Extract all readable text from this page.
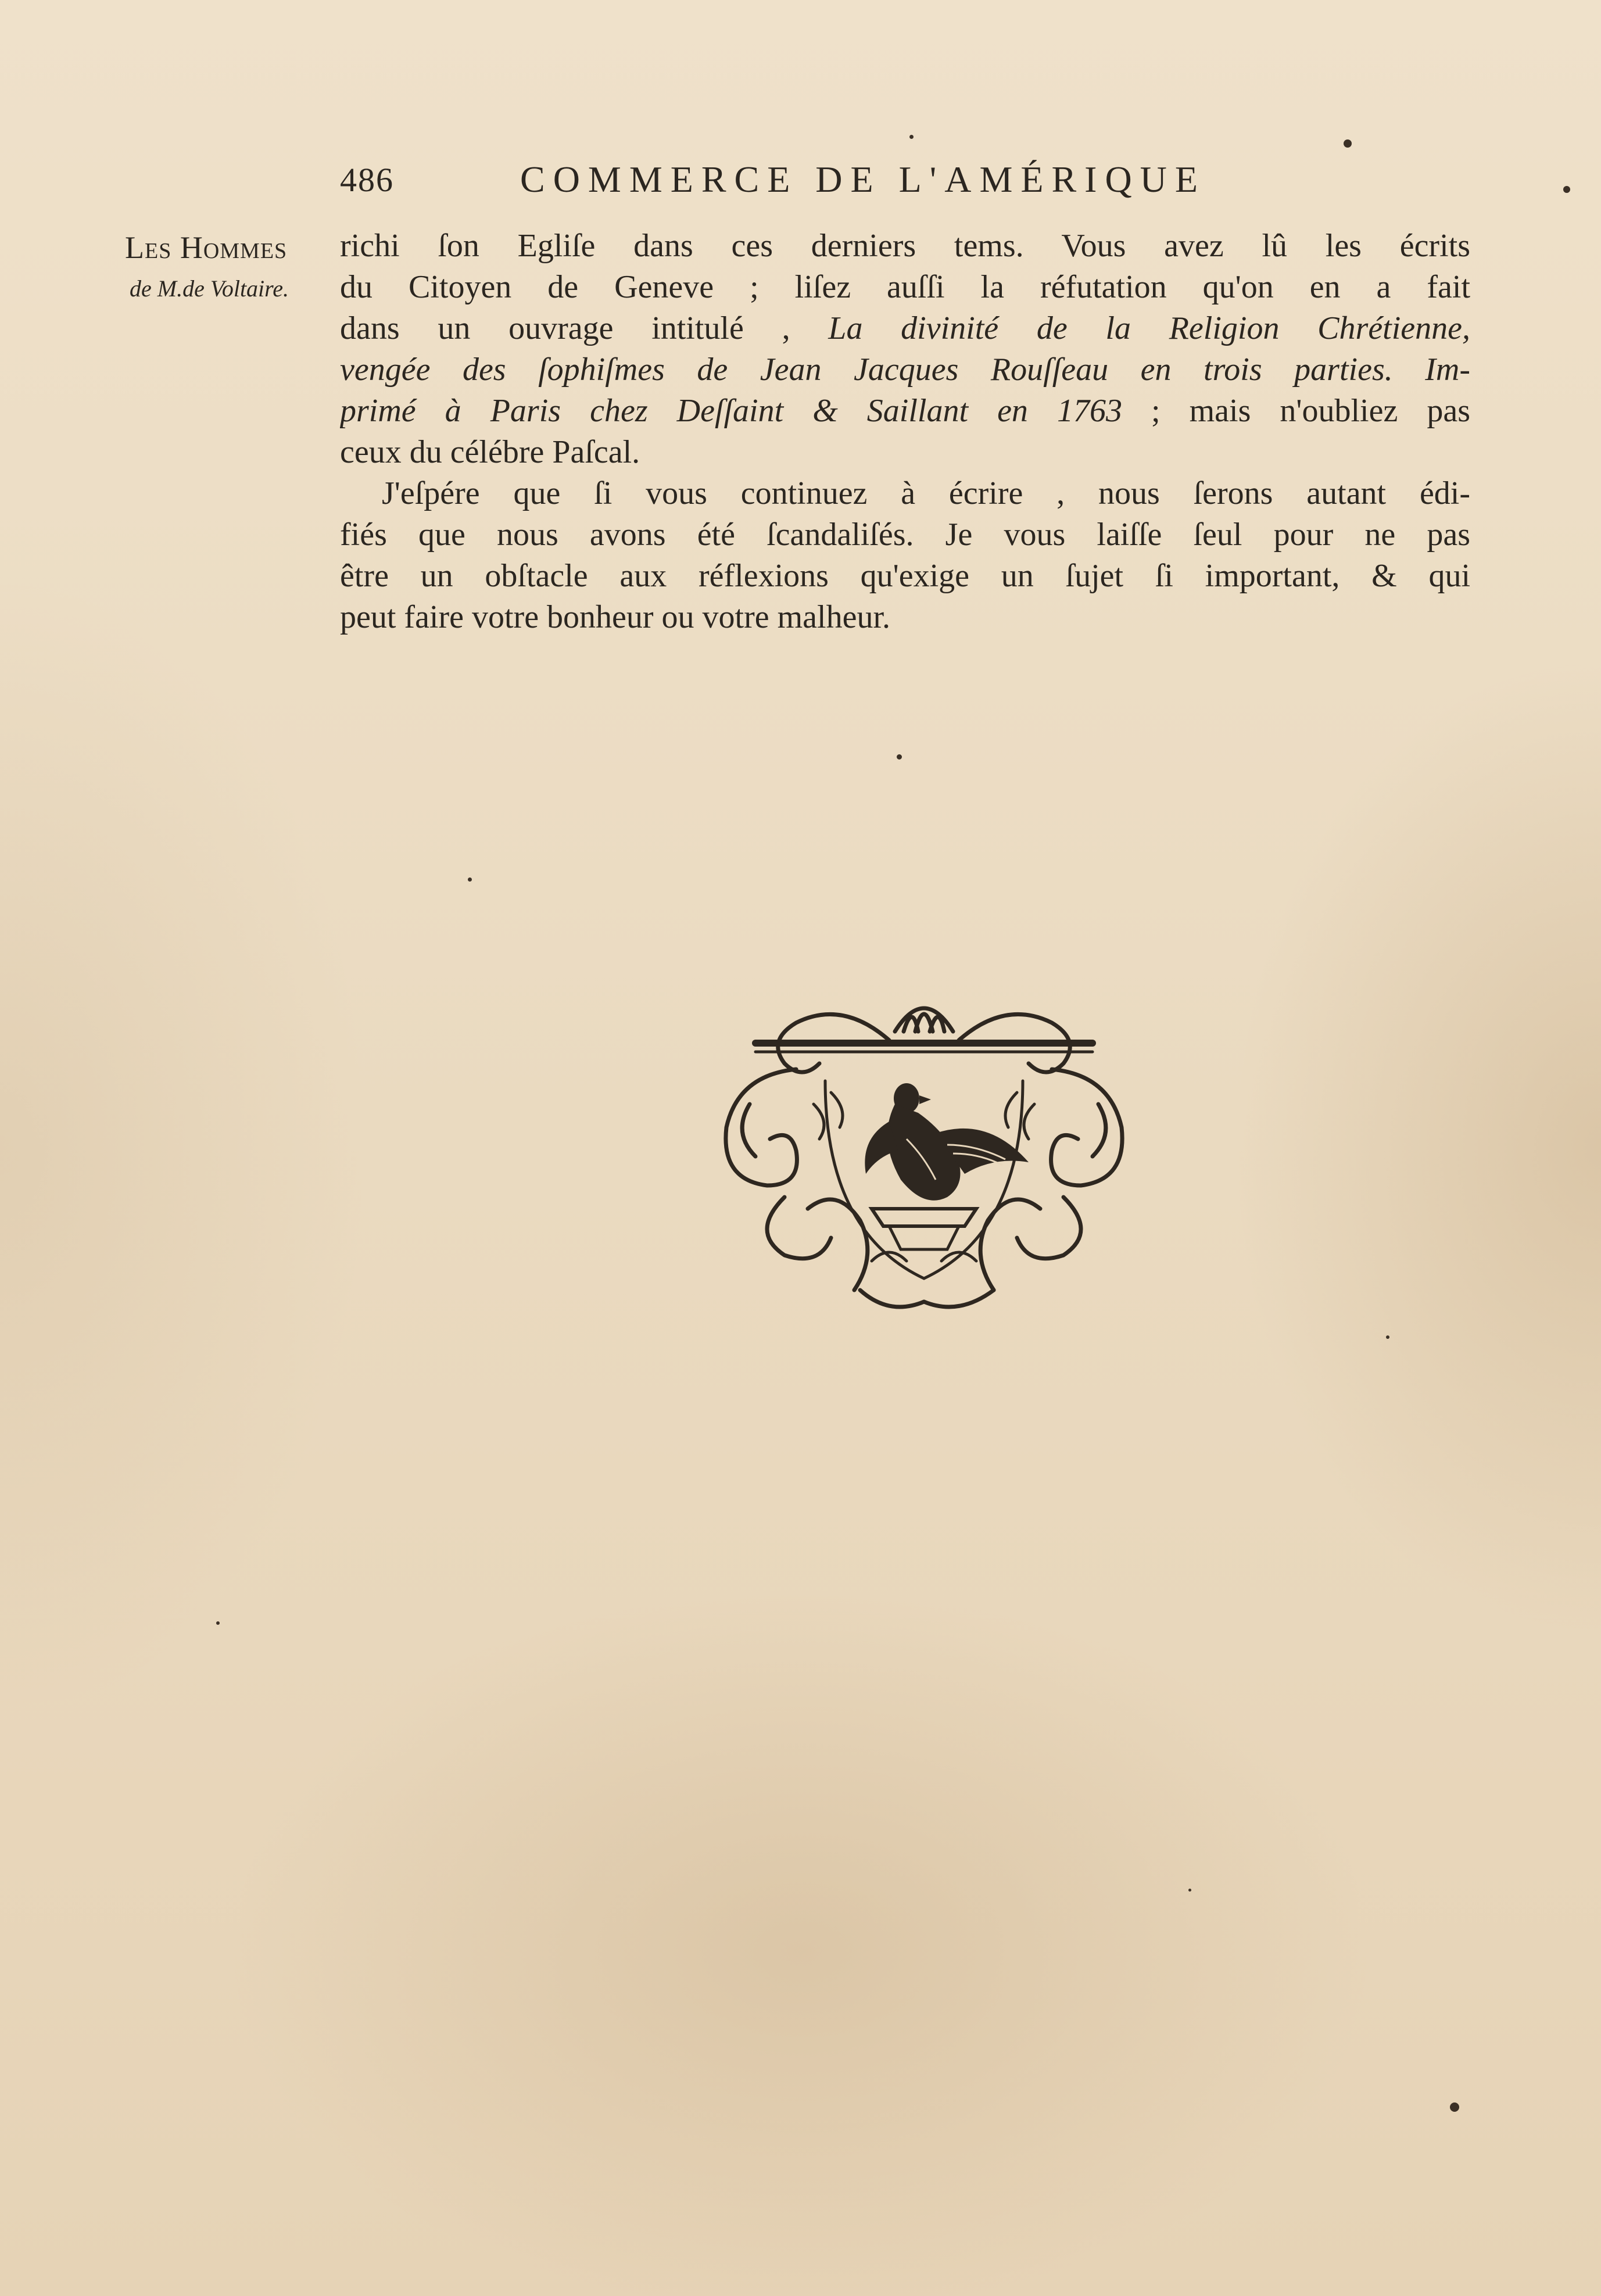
486	COMMERCE DE L'AMÉRIQUE
Les Hommes
de M.de Voltaire.
richi ſon Egliſe dans ces derniers tems. Vous avez lû les écrits
du Citoyen de Geneve ; liſez auſſi la réfutation qu'on en a fait
dans un ouvrage intitulé , La divinité de la Religion Chrétienne,
vengée des ſophiſmes de Jean Jacques Rouſſeau en trois parties. Im-
primé à Paris chez Deſſaint & Saillant en 1763 ; mais n'oubliez pas
ceux du célébre Paſcal.
J'eſpére que ſi vous continuez à écrire , nous ſerons autant édi-
fiés que nous avons été ſcandaliſés. Je vous laiſſe ſeul pour ne pas
être un obſtacle aux réflexions qu'exige un ſujet ſi important, & qui
peut faire votre bonheur ou votre malheur.
